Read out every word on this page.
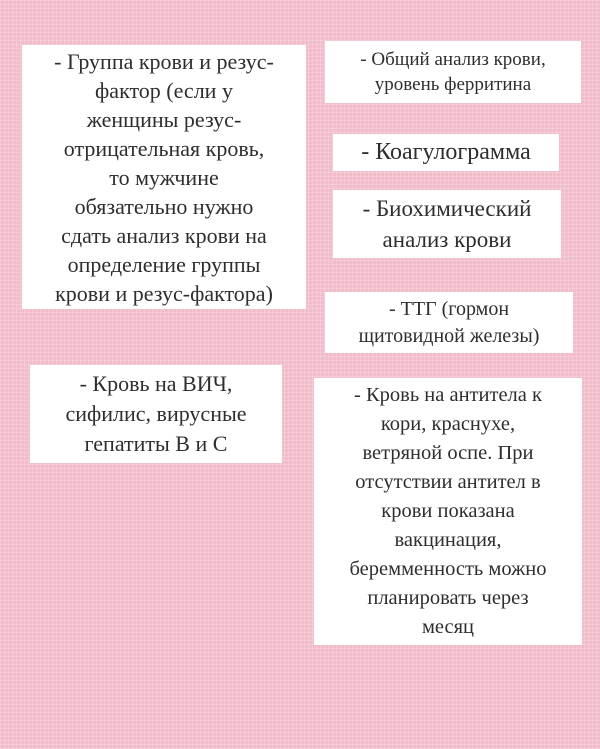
- Группа крови и резус-
фактор (если у
женщины резус-
отрицательная кровь,
то мужчине
обязательно нужно
сдать анализ крови на
определение группы
крови и резус-фактора)
- Общий анализ крови,
уровень ферритина
- Коагулограмма
- Биохимический
анализ крови
- ТТГ (гормон
щитовидной железы)
- Кровь на ВИЧ,
сифилис, вирусные
гепатиты В и С
- Кровь на антитела к
кори, краснухе,
ветряной оспе. При
отсутствии антител в
крови показана
вакцинация,
беремменность можно
планировать через
месяц
